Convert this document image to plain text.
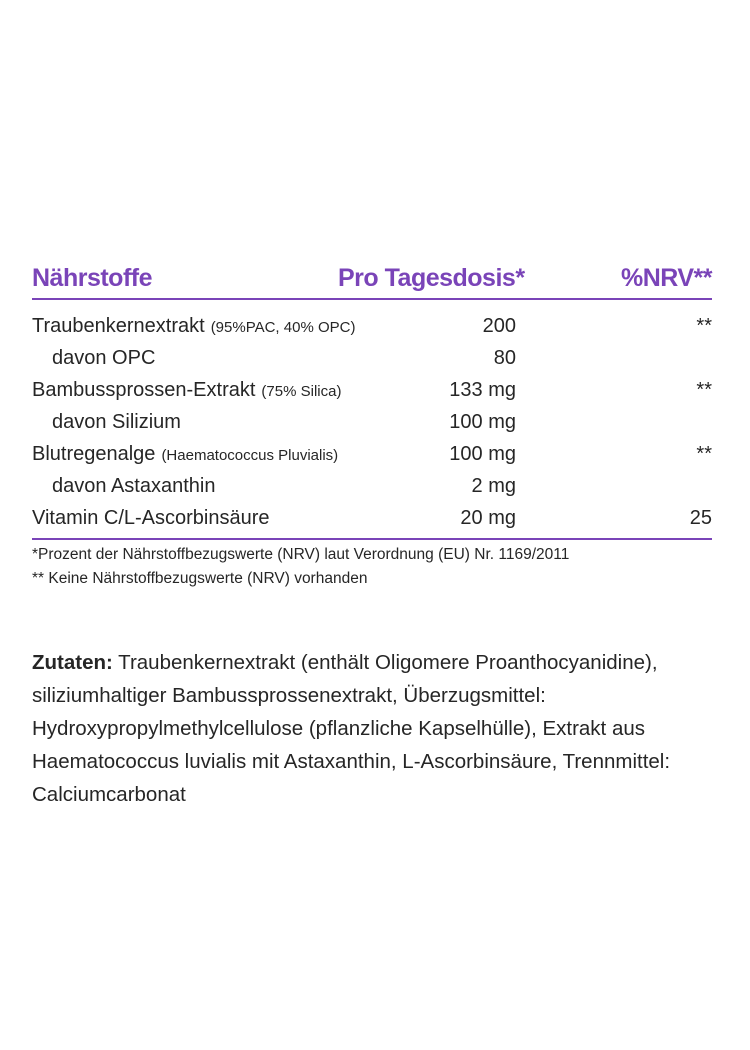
Nährstoffe	Pro Tagesdosis*	%NRV**
Traubenkernextrakt (95%PAC, 40% OPC)	200	**
davon OPC	80
Bambussprossen-Extrakt (75% Silica)	133 mg	**
davon Silizium	100 mg
Blutregenalge (Haematococcus Pluvialis)	100 mg	**
davon Astaxanthin	2 mg
Vitamin C/L-Ascorbinsäure	20 mg	25
*Prozent der Nährstoffbezugswerte (NRV) laut Verordnung (EU) Nr. 1169/2011
** Keine Nährstoffbezugswerte (NRV) vorhanden
Zutaten: Traubenkernextrakt (enthält Oligomere Proanthocyanidine), siliziumhaltiger Bambussprossenextrakt, Überzugsmittel: Hydroxypropylmethylcellulose (pflanzliche Kapselhülle), Extrakt aus Haematococcus luvialis mit Astaxanthin, L-Ascorbinsäure, Trennmittel: Calciumcarbonat
